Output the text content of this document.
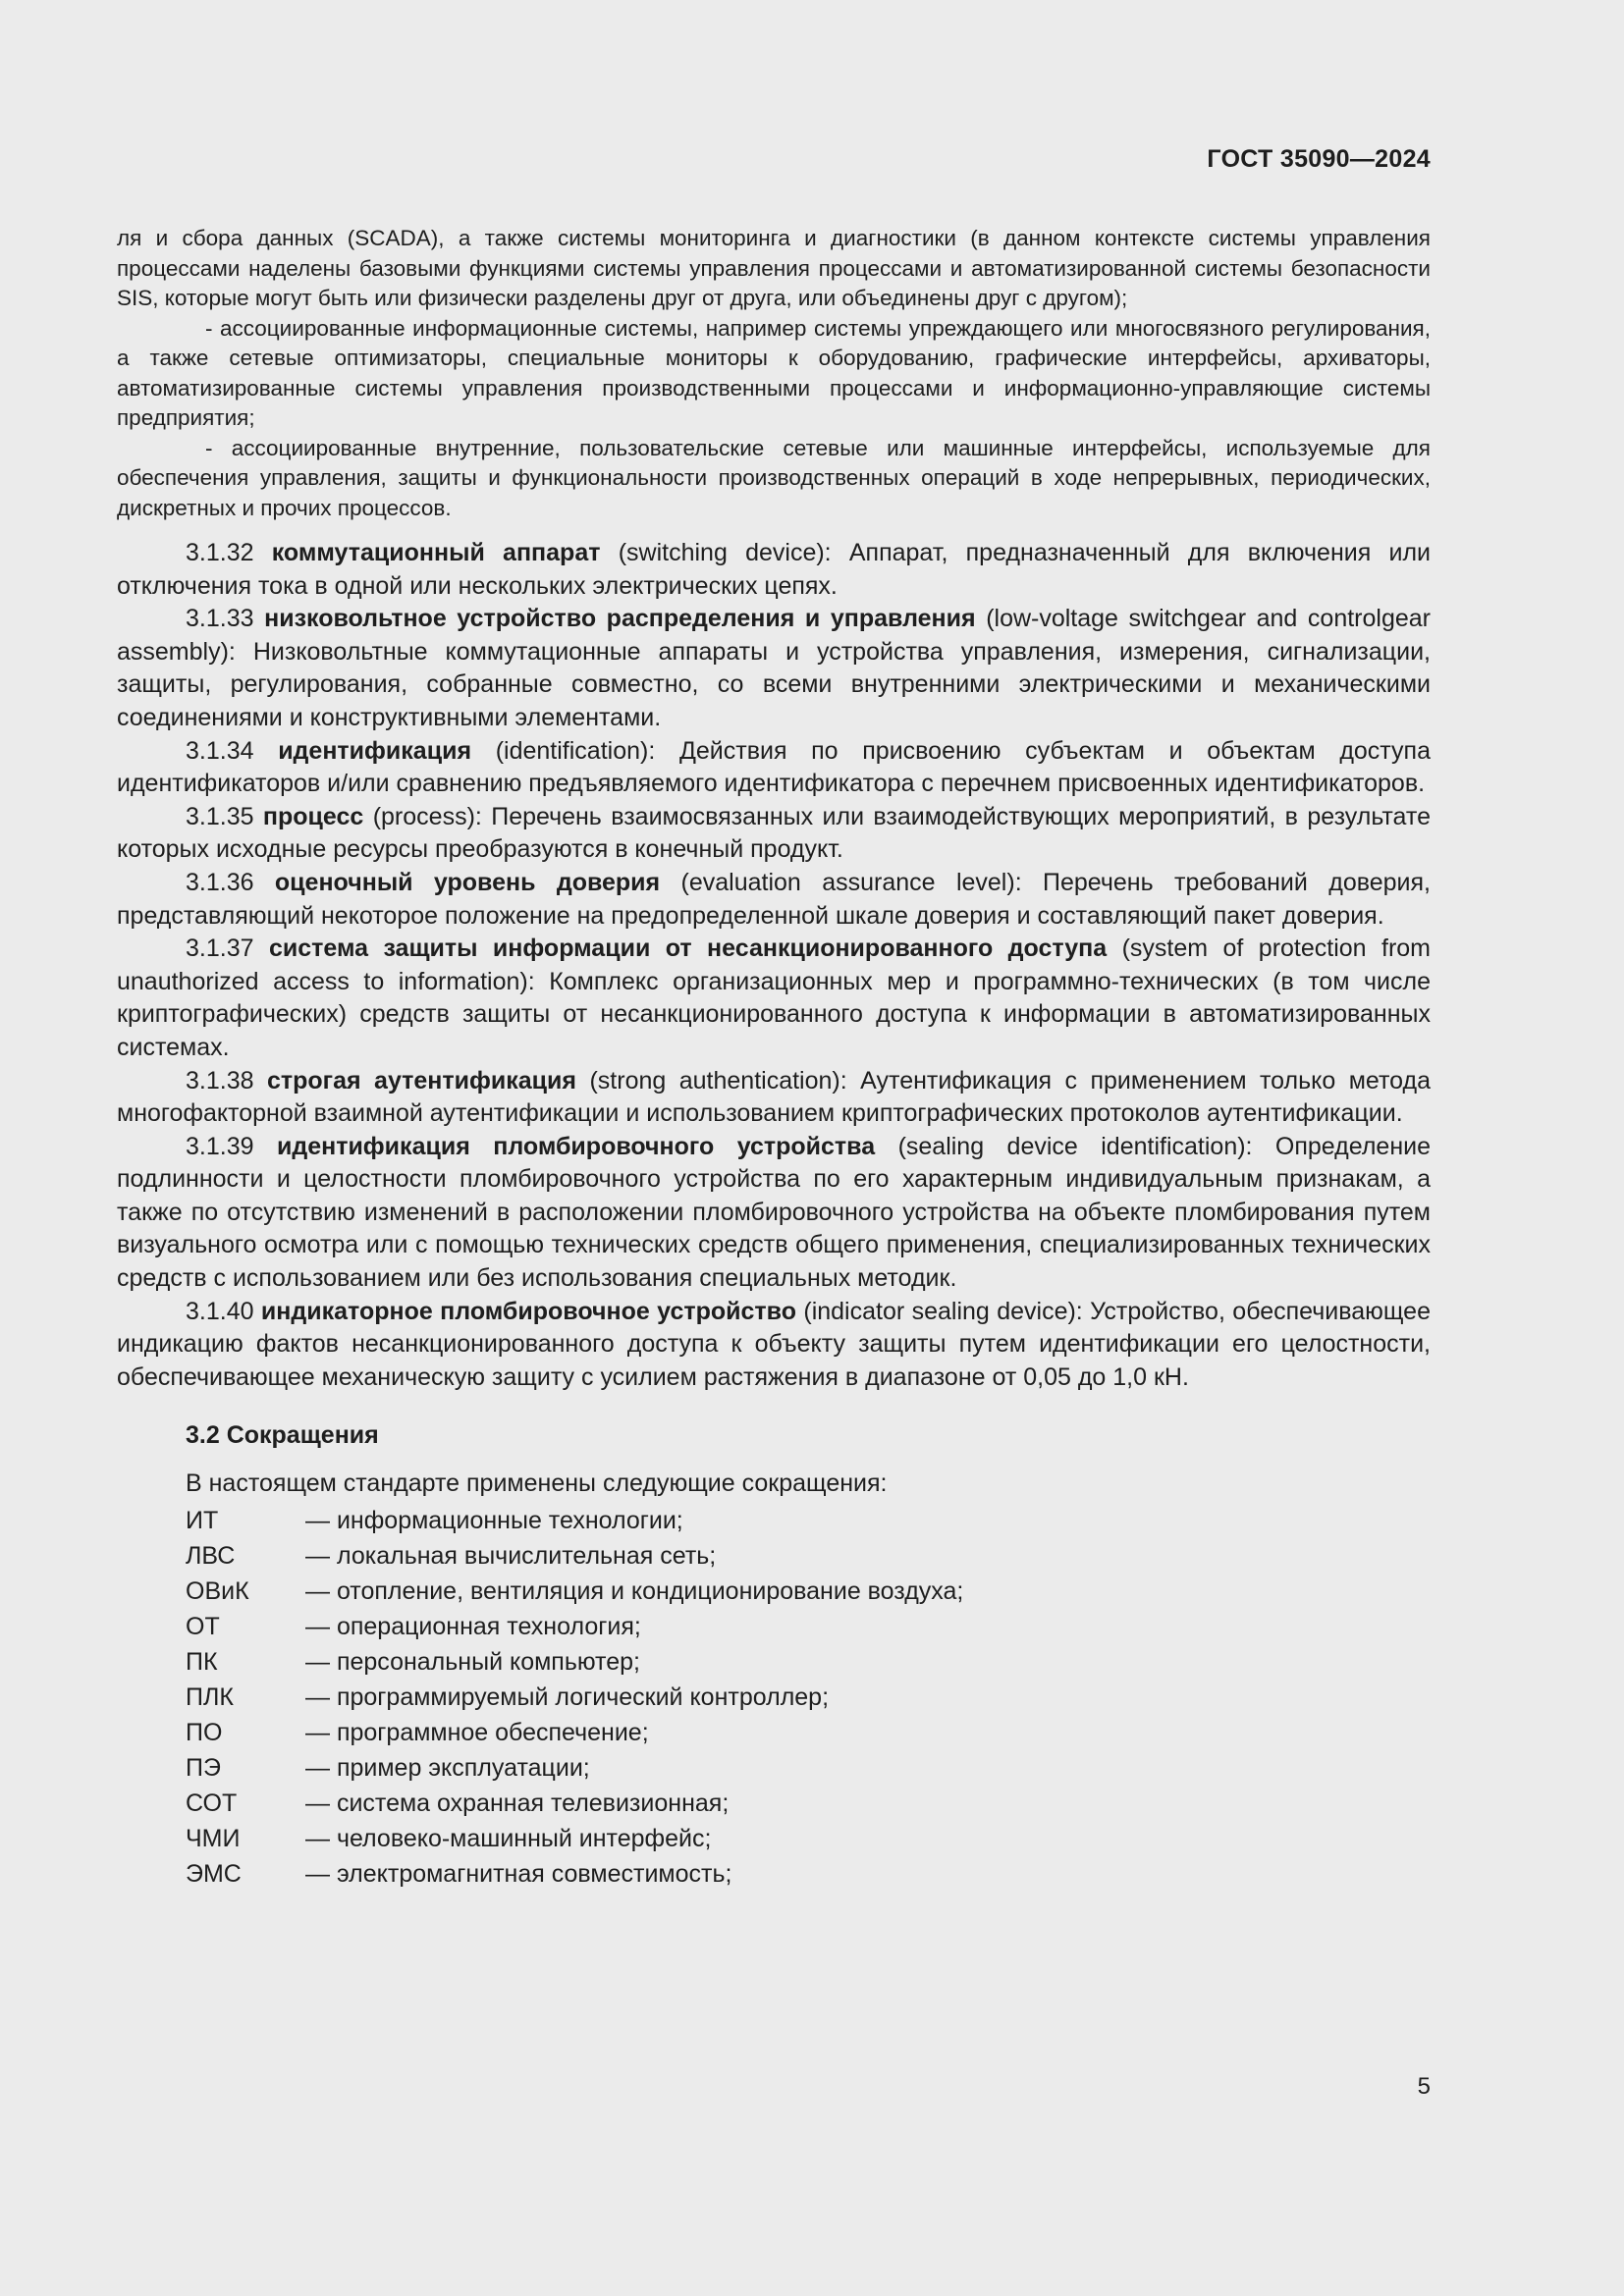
ГОСТ 35090—2024

ля и сбора данных (SCADA), а также системы мониторинга и диагностики (в данном контексте системы управления процессами наделены базовыми функциями системы управления процессами и автоматизированной системы безопасности SIS, которые могут быть или физически разделены друг от друга, или объединены друг с другом);

- ассоциированные информационные системы, например системы упреждающего или многосвязного регулирования, а также сетевые оптимизаторы, специальные мониторы к оборудованию, графические интерфейсы, архиваторы, автоматизированные системы управления производственными процессами и информационно-управляющие системы предприятия;

- ассоциированные внутренние, пользовательские сетевые или машинные интерфейсы, используемые для обеспечения управления, защиты и функциональности производственных операций в ходе непрерывных, периодических, дискретных и прочих процессов.

3.1.32 коммутационный аппарат (switching device): Аппарат, предназначенный для включения или отключения тока в одной или нескольких электрических цепях.

3.1.33 низковольтное устройство распределения и управления (low-voltage switchgear and controlgear assembly): Низковольтные коммутационные аппараты и устройства управления, измерения, сигнализации, защиты, регулирования, собранные совместно, со всеми внутренними электрическими и механическими соединениями и конструктивными элементами.

3.1.34 идентификация (identification): Действия по присвоению субъектам и объектам доступа идентификаторов и/или сравнению предъявляемого идентификатора с перечнем присвоенных идентификаторов.

3.1.35 процесс (process): Перечень взаимосвязанных или взаимодействующих мероприятий, в результате которых исходные ресурсы преобразуются в конечный продукт.

3.1.36 оценочный уровень доверия (evaluation assurance level): Перечень требований доверия, представляющий некоторое положение на предопределенной шкале доверия и составляющий пакет доверия.

3.1.37 система защиты информации от несанкционированного доступа (system of protection from unauthorized access to information): Комплекс организационных мер и программно-технических (в том числе криптографических) средств защиты от несанкционированного доступа к информации в автоматизированных системах.

3.1.38 строгая аутентификация (strong authentication): Аутентификация с применением только метода многофакторной взаимной аутентификации и использованием криптографических протоколов аутентификации.

3.1.39 идентификация пломбировочного устройства (sealing device identification): Определение подлинности и целостности пломбировочного устройства по его характерным индивидуальным признакам, а также по отсутствию изменений в расположении пломбировочного устройства на объекте пломбирования путем визуального осмотра или с помощью технических средств общего применения, специализированных технических средств с использованием или без использования специальных методик.

3.1.40 индикаторное пломбировочное устройство (indicator sealing device): Устройство, обеспечивающее индикацию фактов несанкционированного доступа к объекту защиты путем идентификации его целостности, обеспечивающее механическую защиту с усилием растяжения в диапазоне от 0,05 до 1,0 кН.

3.2 Сокращения
В настоящем стандарте применены следующие сокращения:
ИТ	— информационные технологии;
ЛВС	— локальная вычислительная сеть;
ОВиК	— отопление, вентиляция и кондиционирование воздуха;
ОТ	— операционная технология;
ПК	— персональный компьютер;
ПЛК	— программируемый логический контроллер;
ПО	— программное обеспечение;
ПЭ	— пример эксплуатации;
СОТ	— система охранная телевизионная;
ЧМИ	— человеко-машинный интерфейс;
ЭМС	— электромагнитная совместимость;
5
